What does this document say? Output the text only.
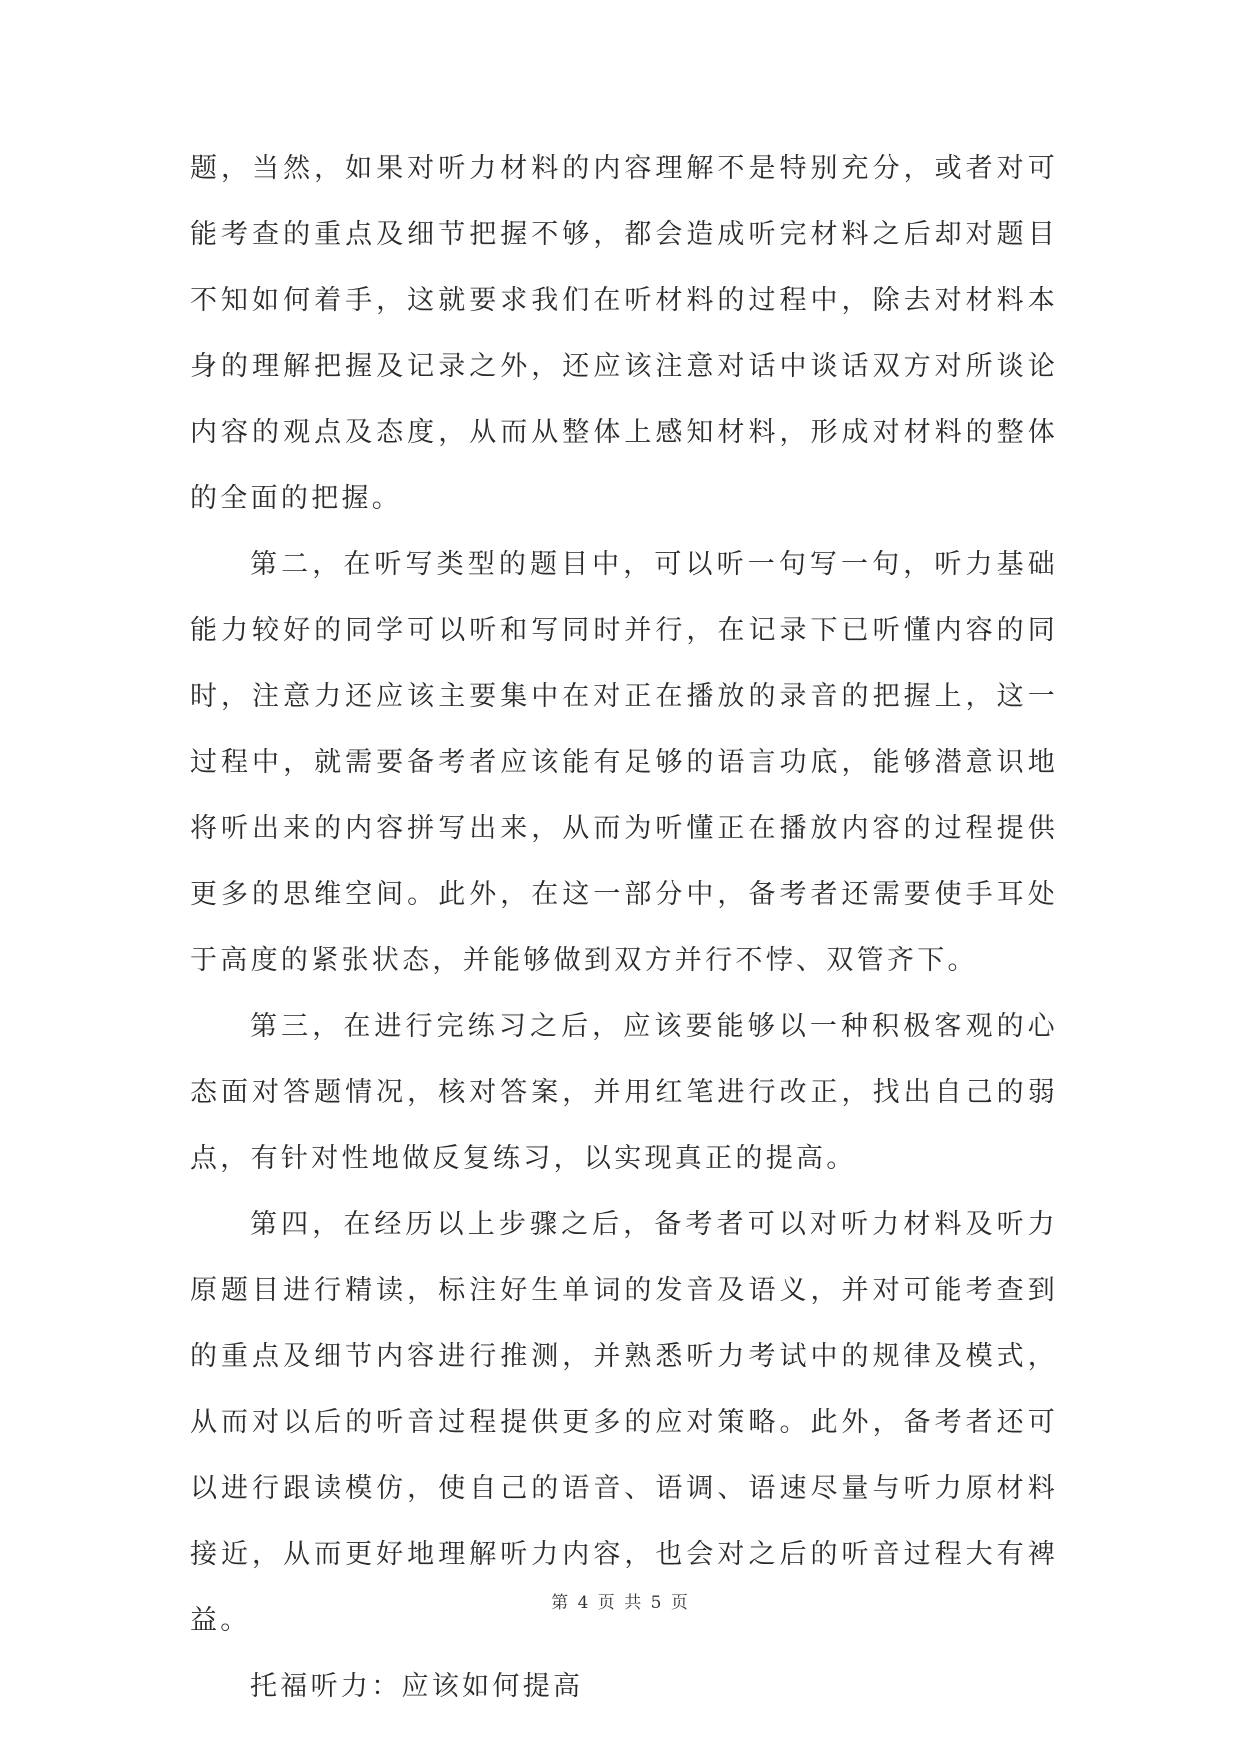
题，当然，如果对听力材料的内容理解不是特别充分，或者对可能考查的重点及细节把握不够，都会造成听完材料之后却对题目不知如何着手，这就要求我们在听材料的过程中，除去对材料本身的理解把握及记录之外，还应该注意对话中谈话双方对所谈论内容的观点及态度，从而从整体上感知材料，形成对材料的整体的全面的把握。

第二，在听写类型的题目中，可以听一句写一句，听力基础能力较好的同学可以听和写同时并行，在记录下已听懂内容的同时，注意力还应该主要集中在对正在播放的录音的把握上，这一过程中，就需要备考者应该能有足够的语言功底，能够潜意识地将听出来的内容拼写出来，从而为听懂正在播放内容的过程提供更多的思维空间。此外，在这一部分中，备考者还需要使手耳处于高度的紧张状态，并能够做到双方并行不悖、双管齐下。

第三，在进行完练习之后，应该要能够以一种积极客观的心态面对答题情况，核对答案，并用红笔进行改正，找出自己的弱点，有针对性地做反复练习，以实现真正的提高。

第四，在经历以上步骤之后，备考者可以对听力材料及听力原题目进行精读，标注好生单词的发音及语义，并对可能考查到的重点及细节内容进行推测，并熟悉听力考试中的规律及模式，从而对以后的听音过程提供更多的应对策略。此外，备考者还可以进行跟读模仿，使自己的语音、语调、语速尽量与听力原材料接近，从而更好地理解听力内容，也会对之后的听音过程大有裨益。

托福听力：应该如何提高

第 4 页 共 5 页
